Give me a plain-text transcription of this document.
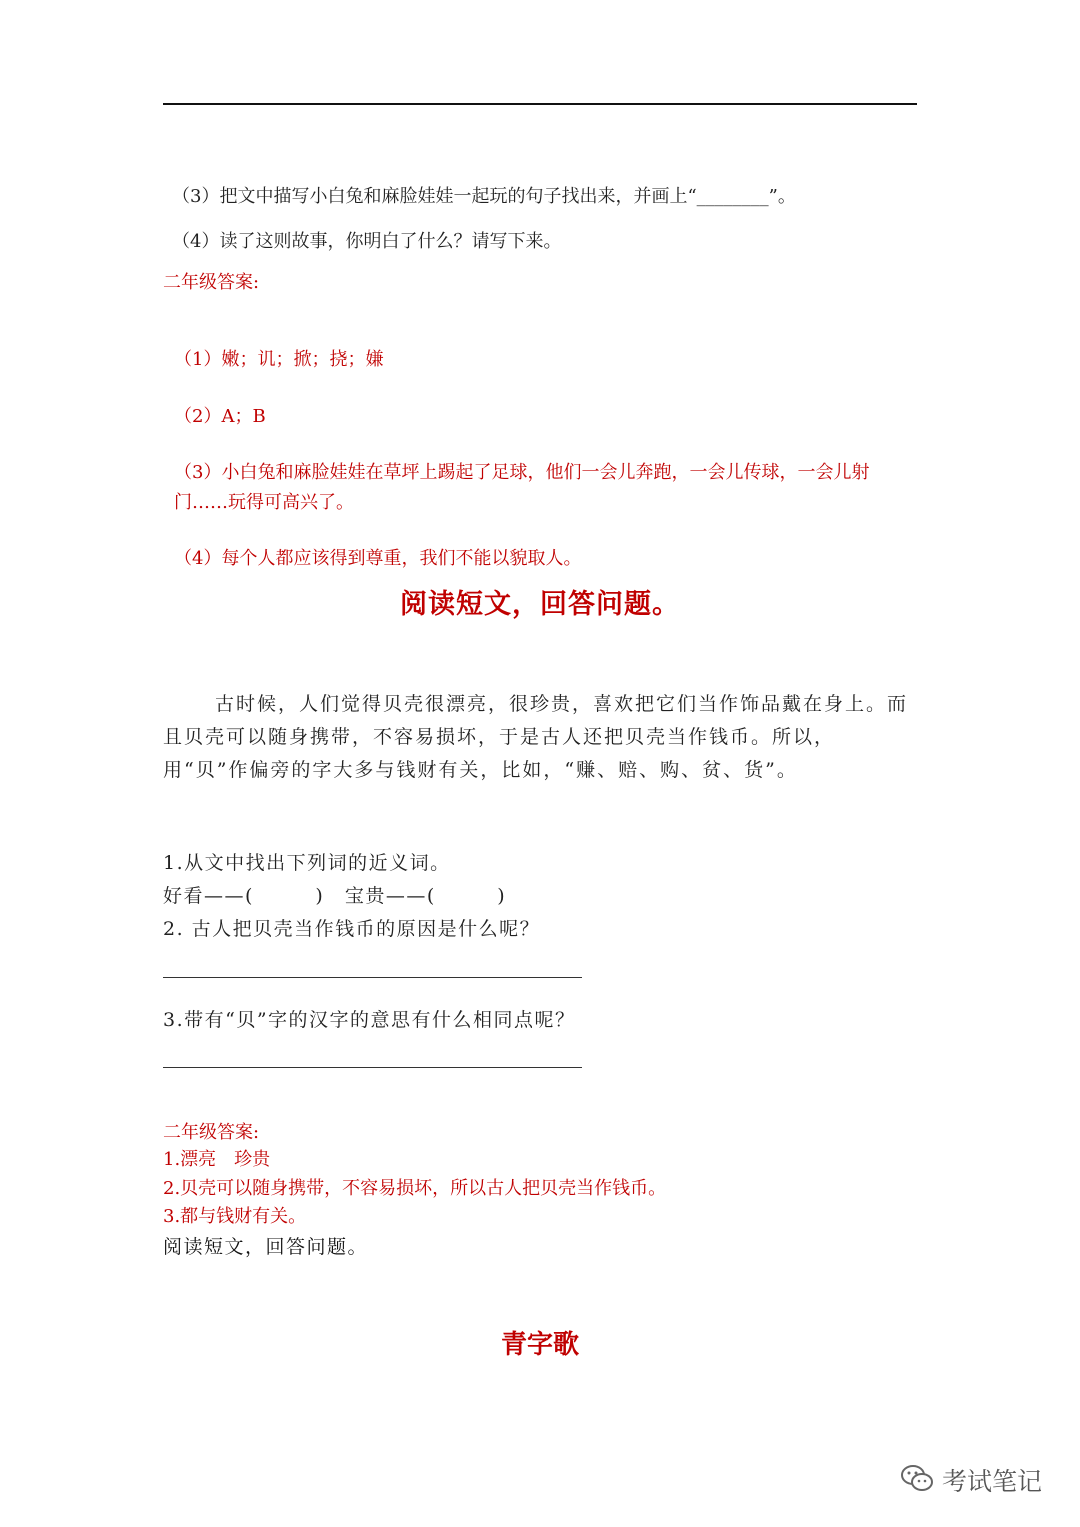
（3）把文中描写小白兔和麻脸娃娃一起玩的句子找出来，并画上“________”。
（4）读了这则故事，你明白了什么？请写下来。
二年级答案:
（1）嫩；讥；掀；挠；嫌
（2）A；B
（3）小白兔和麻脸娃娃在草坪上踢起了足球，他们一会儿奔跑，一会儿传球，一会儿射门……玩得可高兴了。
（4）每个人都应该得到尊重，我们不能以貌取人。
阅读短文，回答问题。
古时候，人们觉得贝壳很漂亮，很珍贵，喜欢把它们当作饰品戴在身上。而且贝壳可以随身携带，不容易损坏，于是古人还把贝壳当作钱币。所以，用“贝”作偏旁的字大多与钱财有关，比如，“赚、赔、购、贫、货”。
1.从文中找出下列词的近义词。
好看——(　　　)　宝贵——(　　　)
2. 古人把贝壳当作钱币的原因是什么呢？
3.带有“贝”字的汉字的意思有什么相同点呢？
二年级答案:
1.漂亮　珍贵
2.贝壳可以随身携带，不容易损坏，所以古人把贝壳当作钱币。
3.都与钱财有关。
阅读短文，回答问题。
青字歌
考试笔记
